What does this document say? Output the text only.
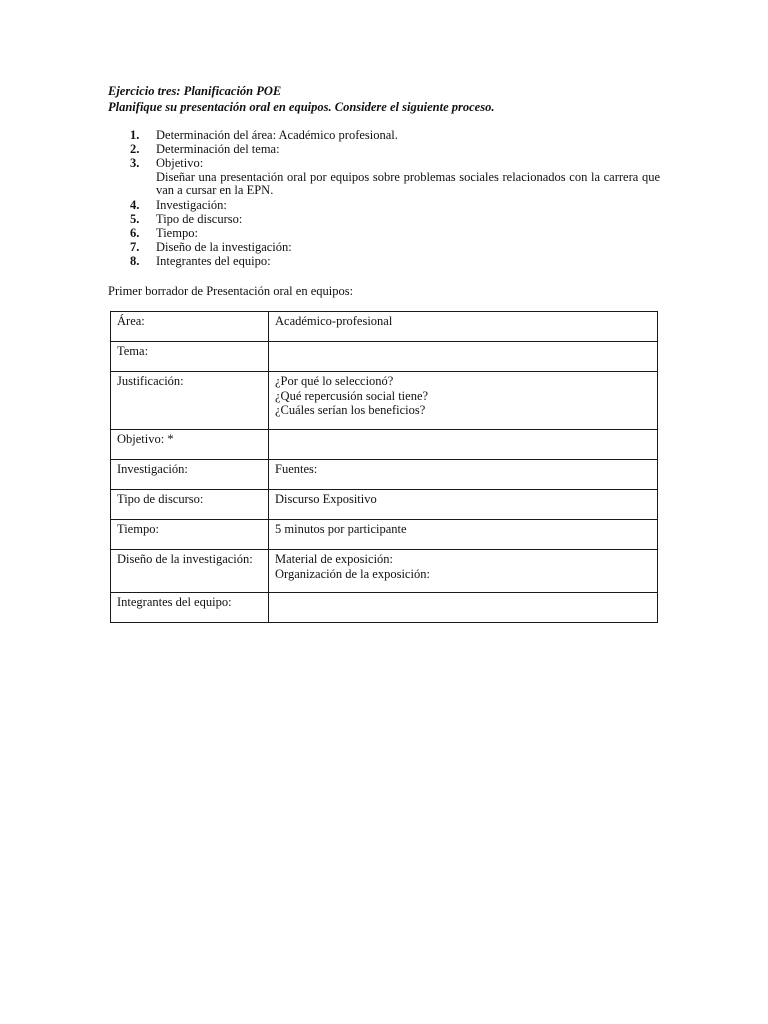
Ejercicio tres: Planificación POE
Planifique su presentación oral en equipos. Considere el siguiente proceso.
1.	Determinación del área: Académico profesional.
2.	Determinación del tema:
3.	Objetivo:
Diseñar una presentación oral por equipos sobre problemas sociales relacionados con la carrera que van a cursar en la EPN.
4.	Investigación:
5.	Tipo de discurso:
6.	Tiempo:
7.	Diseño de la investigación:
8.	Integrantes del equipo:
Primer borrador de Presentación oral en equipos:
Área:	Académico-profesional

Tema:	
Justificación:	¿Por qué lo seleccionó?
¿Qué repercusión social tiene?
¿Cuáles serían los beneficios?

Objetivo: *	
Investigación:	Fuentes:

Tipo de discurso:	Discurso Expositivo

Tiempo:	5 minutos por participante

Diseño de la investigación:	Material de exposición:
Organización de la exposición:

Integrantes del equipo:	
